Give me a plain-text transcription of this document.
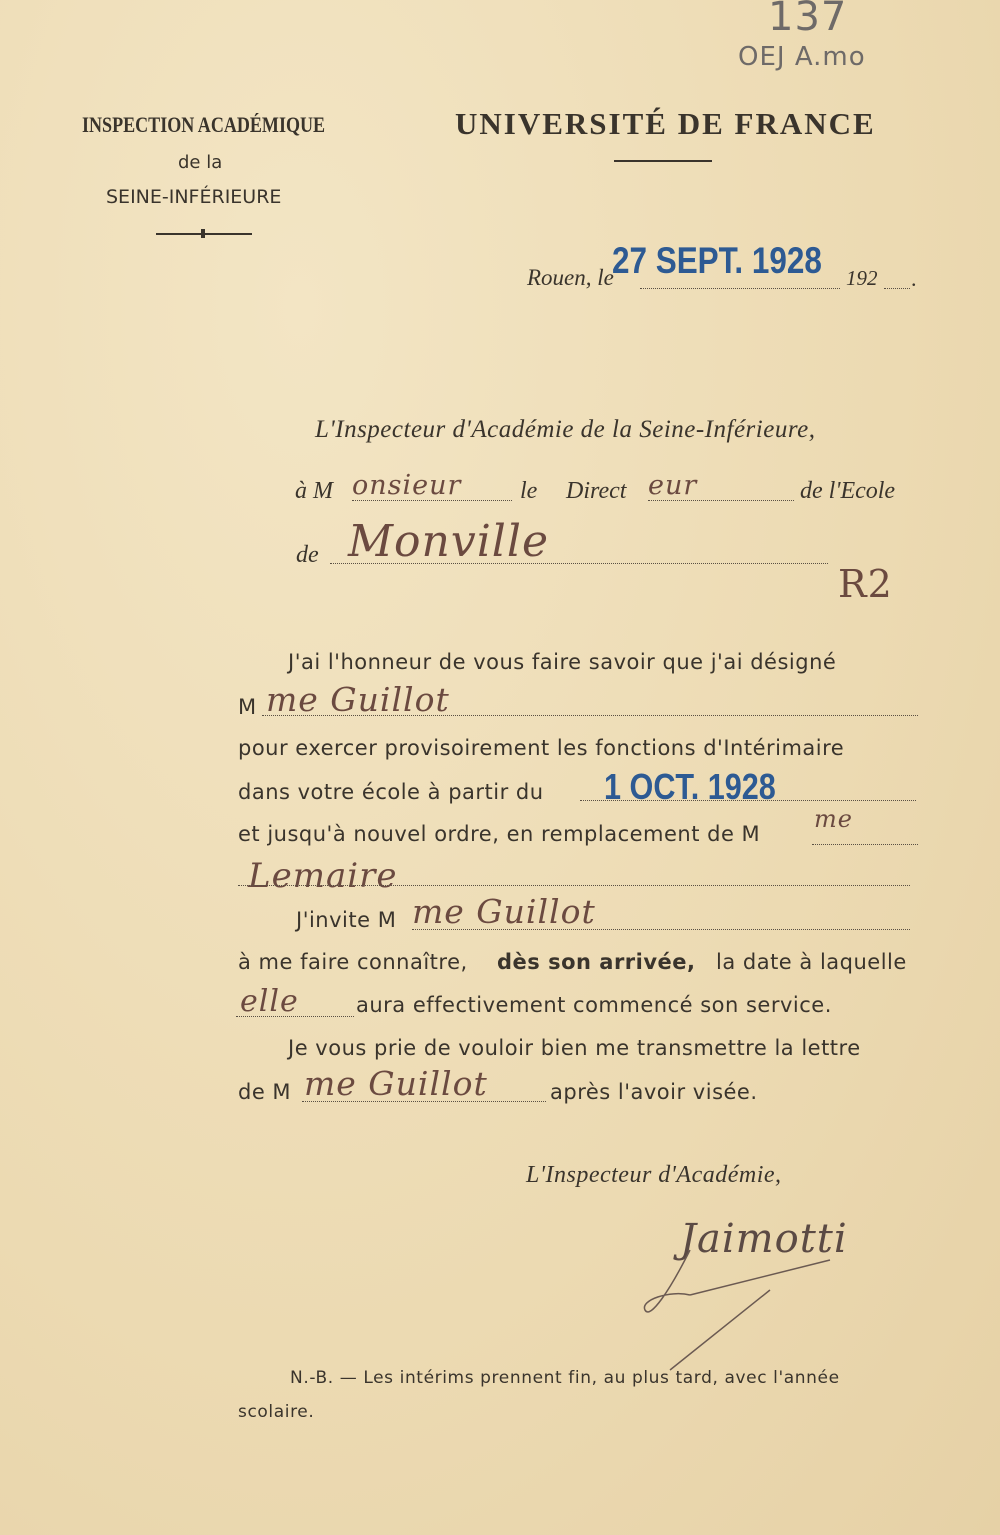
137
OEJ A.mo
INSPECTION ACADÉMIQUE
de la
SEINE-INFÉRIEURE
UNIVERSITÉ DE FRANCE
Rouen, le
27 SEPT. 1928 192 .
L'Inspecteur d'Académie de la Seine-Inférieure,
à M onsieur le Direct eur	de l'Ecole
de Monville
R2
J'ai l'honneur de vous faire savoir que j'ai désigné
M me Guillot
pour exercer provisoirement les fonctions d'Intérimaire
dans votre école à partir du 1 OCT. 1928
et jusqu'à nouvel ordre, en remplacement de M
me
Lemaire
J'invite M me Guillot
à me faire connaître, dès son arrivée, la date à laquelle
elle	aura effectivement commencé son service.
Je vous prie de vouloir bien me transmettre la lettre
de M me Guillot	après l'avoir visée.
L'Inspecteur d'Académie,
Jaimotti
N.-B. — Les intérims prennent fin, au plus tard, avec l'année
scolaire.
